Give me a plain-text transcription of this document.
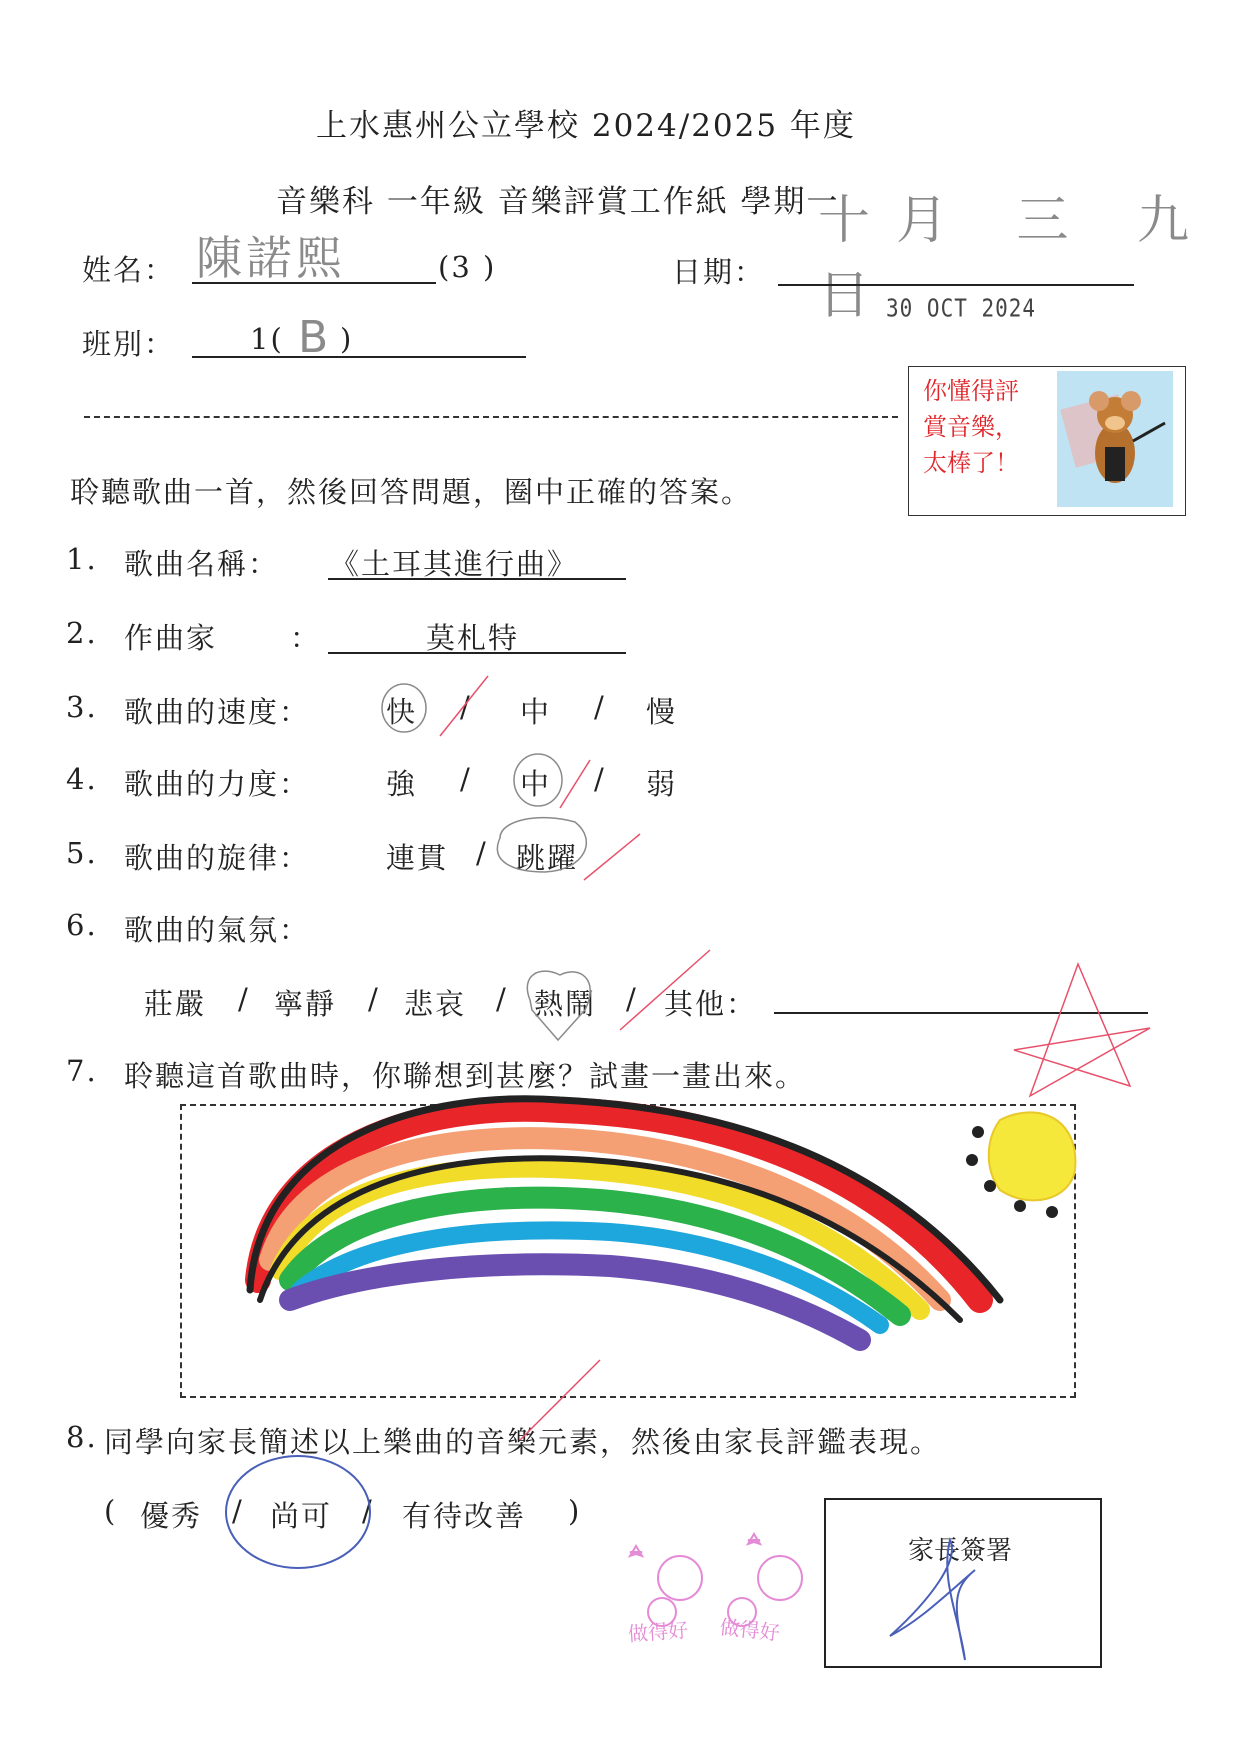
上水惠州公立學校 2024/2025 年度
音樂科 一年級 音樂評賞工作紙 學期一
姓名： 陳諾熙	(3 )	日期：
十月 三 九 日
30 OCT 2024
班別：	1( B )
你懂得評
賞音樂，
太棒了！
聆聽歌曲一首，然後回答問題，圈中正確的答案。
1. 歌曲名稱： 《土耳其進行曲》
2. 作曲家	：	莫札特
3. 歌曲的速度：	快 / 中 / 慢
4. 歌曲的力度：	強 / 中 / 弱
5. 歌曲的旋律：	連貫 / 跳躍
6. 歌曲的氣氛：
莊嚴 / 寧靜 / 悲哀 / 熱鬧 / 其他：
7. 聆聽這首歌曲時，你聯想到甚麼？試畫一畫出來。
8. 同學向家長簡述以上樂曲的音樂元素，然後由家長評鑑表現。
( 優秀 / 尚可 / 有待改善 )
家長簽署
做得好 做得好
